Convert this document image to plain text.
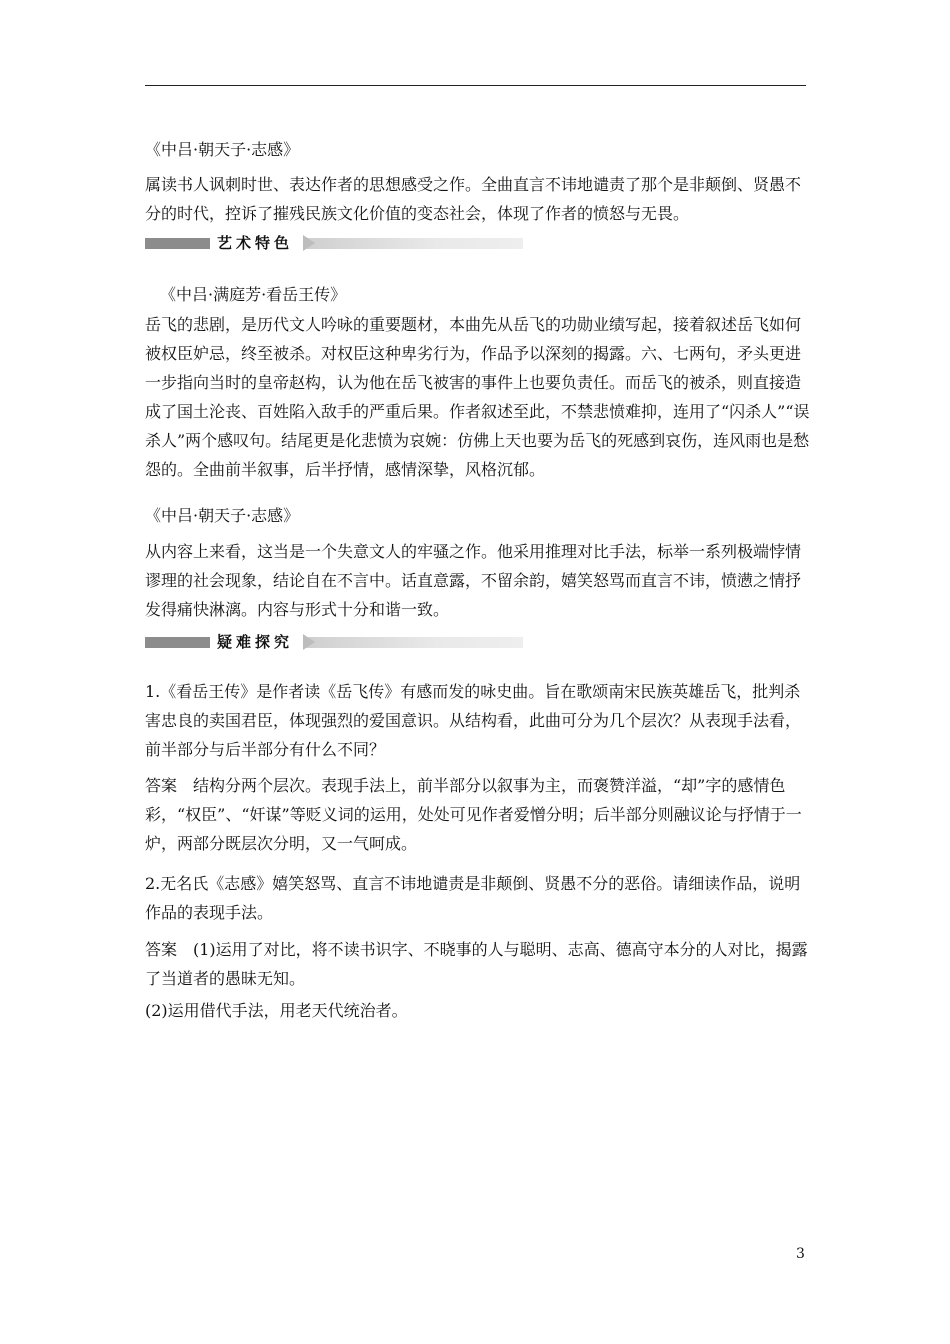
《中吕·朝天子·志感》

属读书人讽刺时世、表达作者的思想感受之作。全曲直言不讳地谴责了那个是非颠倒、贤愚不分的时代，控诉了摧残民族文化价值的变态社会，体现了作者的愤怒与无畏。

艺术特色

《中吕·满庭芳·看岳王传》

岳飞的悲剧，是历代文人吟咏的重要题材，本曲先从岳飞的功勋业绩写起，接着叙述岳飞如何被权臣妒忌，终至被杀。对权臣这种卑劣行为，作品予以深刻的揭露。六、七两句，矛头更进一步指向当时的皇帝赵构，认为他在岳飞被害的事件上也要负责任。而岳飞的被杀，则直接造成了国土沦丧、百姓陷入敌手的严重后果。作者叙述至此，不禁悲愤难抑，连用了“闪杀人”“误杀人”两个感叹句。结尾更是化悲愤为哀婉：仿佛上天也要为岳飞的死感到哀伤，连风雨也是愁怨的。全曲前半叙事，后半抒情，感情深挚，风格沉郁。

《中吕·朝天子·志感》

从内容上来看，这当是一个失意文人的牢骚之作。他采用推理对比手法，标举一系列极端悖情谬理的社会现象，结论自在不言中。话直意露，不留余韵，嬉笑怒骂而直言不讳，愤懑之情抒发得痛快淋漓。内容与形式十分和谐一致。

疑难探究

1.《看岳王传》是作者读《岳飞传》有感而发的咏史曲。旨在歌颂南宋民族英雄岳飞，批判杀害忠良的卖国君臣，体现强烈的爱国意识。从结构看，此曲可分为几个层次？从表现手法看，前半部分与后半部分有什么不同？

答案　结构分两个层次。表现手法上，前半部分以叙事为主，而褒赞洋溢，“却”字的感情色彩，“权臣”、“奸谋”等贬义词的运用，处处可见作者爱憎分明；后半部分则融议论与抒情于一炉，两部分既层次分明，又一气呵成。

2.无名氏《志感》嬉笑怒骂、直言不讳地谴责是非颠倒、贤愚不分的恶俗。请细读作品，说明作品的表现手法。

答案　(1)运用了对比，将不读书识字、不晓事的人与聪明、志高、德高守本分的人对比，揭露了当道者的愚昧无知。

(2)运用借代手法，用老天代统治者。

3
